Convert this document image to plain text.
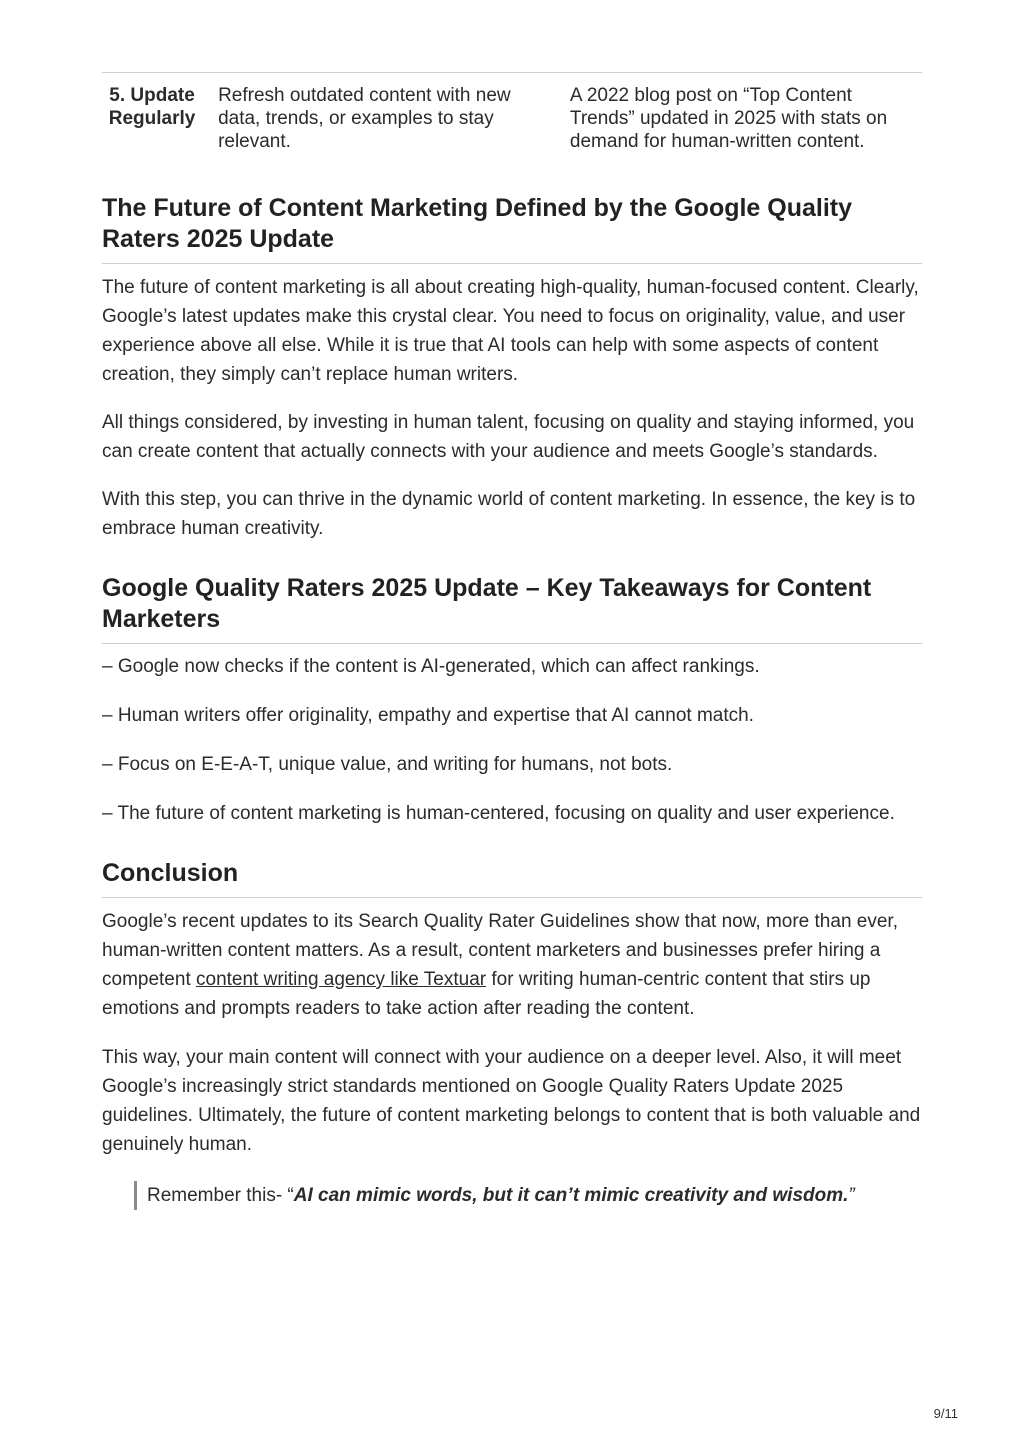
5. Update Regularly	Refresh outdated content with new data, trends, or examples to stay relevant.	A 2022 blog post on “Top Content Trends” updated in 2025 with stats on demand for human-written content.
The Future of Content Marketing Defined by the Google Quality Raters 2025 Update

The future of content marketing is all about creating high-quality, human-focused content. Clearly, Google’s latest updates make this crystal clear. You need to focus on originality, value, and user experience above all else. While it is true that AI tools can help with some aspects of content creation, they simply can’t replace human writers.

All things considered, by investing in human talent, focusing on quality and staying informed, you can create content that actually connects with your audience and meets Google’s standards.

With this step, you can thrive in the dynamic world of content marketing. In essence, the key is to embrace human creativity.

Google Quality Raters 2025 Update – Key Takeaways for Content Marketers

– Google now checks if the content is AI-generated, which can affect rankings.

– Human writers offer originality, empathy and expertise that AI cannot match.

– Focus on E-E-A-T, unique value, and writing for humans, not bots.

– The future of content marketing is human-centered, focusing on quality and user experience.

Conclusion

Google’s recent updates to its Search Quality Rater Guidelines show that now, more than ever, human-written content matters. As a result, content marketers and businesses prefer hiring a competent content writing agency like Textuar for writing human-centric content that stirs up emotions and prompts readers to take action after reading the content.

This way, your main content will connect with your audience on a deeper level. Also, it will meet Google’s increasingly strict standards mentioned on Google Quality Raters Update 2025 guidelines. Ultimately, the future of content marketing belongs to content that is both valuable and genuinely human.

Remember this- “AI can mimic words, but it can’t mimic creativity and wisdom.”
9/11
